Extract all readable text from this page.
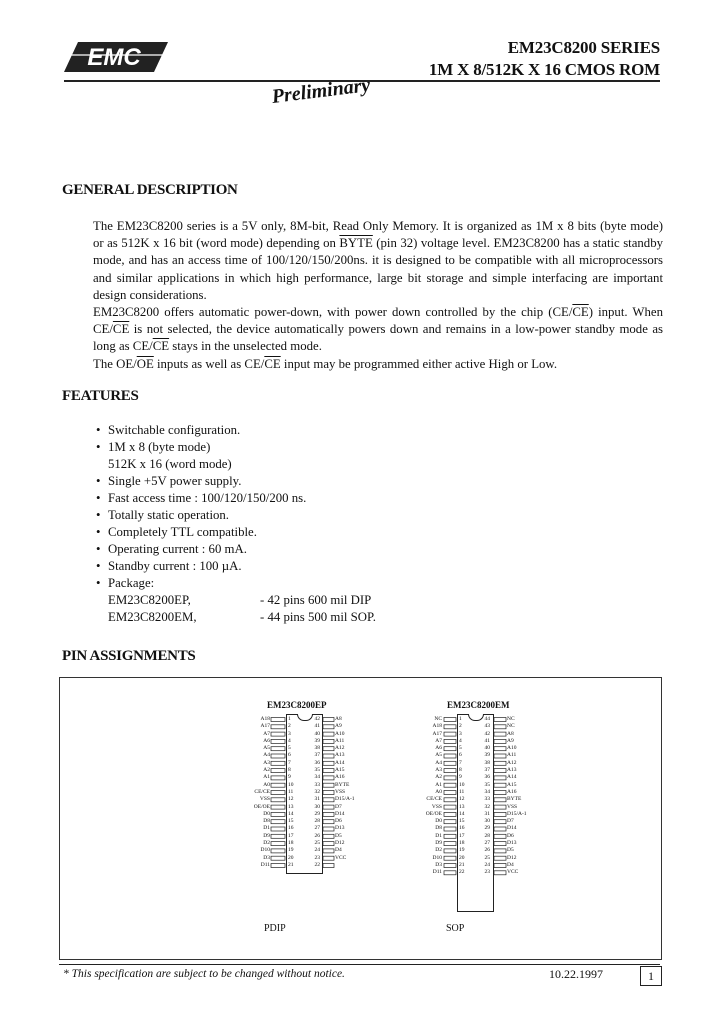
EMC	EM23C8200 SERIES
1M X 8/512K X 16 CMOS ROM
Preliminary
GENERAL DESCRIPTION

The EM23C8200 series is a 5V only, 8M-bit, Read Only Memory. It is organized as 1M x 8 bits (byte mode) or as 512K x 16 bit (word mode) depending on BYTE (pin 32) voltage level. EM23C8200 has a static standby mode, and has an access time of 100/120/150/200ns. it is designed to be compatible with all microprocessors and similar applications in which high performance, large bit storage and simple interfacing are important design considerations.

EM23C8200 offers automatic power-down, with power down controlled by the chip $(CE/\overline{CE})$ input. When $CE/\overline{CE}$ is not selected, the device automatically powers down and remains in a low-power standby mode as long as $CE/\overline{CE}$ stays in the unselected mode.

The $OE/\overline{OE}$ inputs as well as $CE/\overline{CE}$ input may be programmed either active High or Low.

FEATURES
• Switchable configuration.
• 1M x 8 (byte mode)
512K x 16 (word mode)
• Single +5V power supply.
• Fast access time : 100/120/150/200 ns.
• Totally static operation.
• Completely TTL compatible.
• Operating current : 60 mA.
• Standby current : 100 µA.
• Package:
EM23C8200EP,	- 42 pins 600 mil DIP
EM23C8200EM,	- 44 pins 500 mil SOP.
PIN ASSIGNMENTS
EM23C8200EP
A18
A17
A7
A6
A5
A4
A3
A2
A1
A0
CE/CE
VSS
OE/OE
D0
D8
D1
D9
D2
D10
D3
D11
1
2
3
4
5
6
7
8
9
10
11
12
13
14
15
16
17
18
19
20
21
42
41
40
39
38
37
36
35
34
33
32
31
30
29
28
27
26
25
24
23
22
A8
A9
A10
A11
A12
A13
A14
A15
A16
BYTE
VSS
D15/A-1
D7
D14
D6
D13
D5
D12
D4
VCC
PDIP
EM23C8200EM
NC
A18
A17
A7
A6
A5
A4
A3
A2
A1
A0
CE/CE
VSS
OE/OE
D0
D8
D1
D9
D2
D10
D3
D11
1
2
3
4
5
6
7
8
9
10
11
12
13
14
15
16
17
18
19
20
21
22
44
43
42
41
40
39
38
37
36
35
34
33
32
31
30
29
28
27
26
25
24
23
NC
NC
A8
A9
A10
A11
A12
A13
A14
A15
A16
BYTE
VSS
D15/A-1
D7
D14
D6
D13
D5
D12
D4
VCC
SOP
* This specification are subject to be changed without notice.	10.22.1997	1
